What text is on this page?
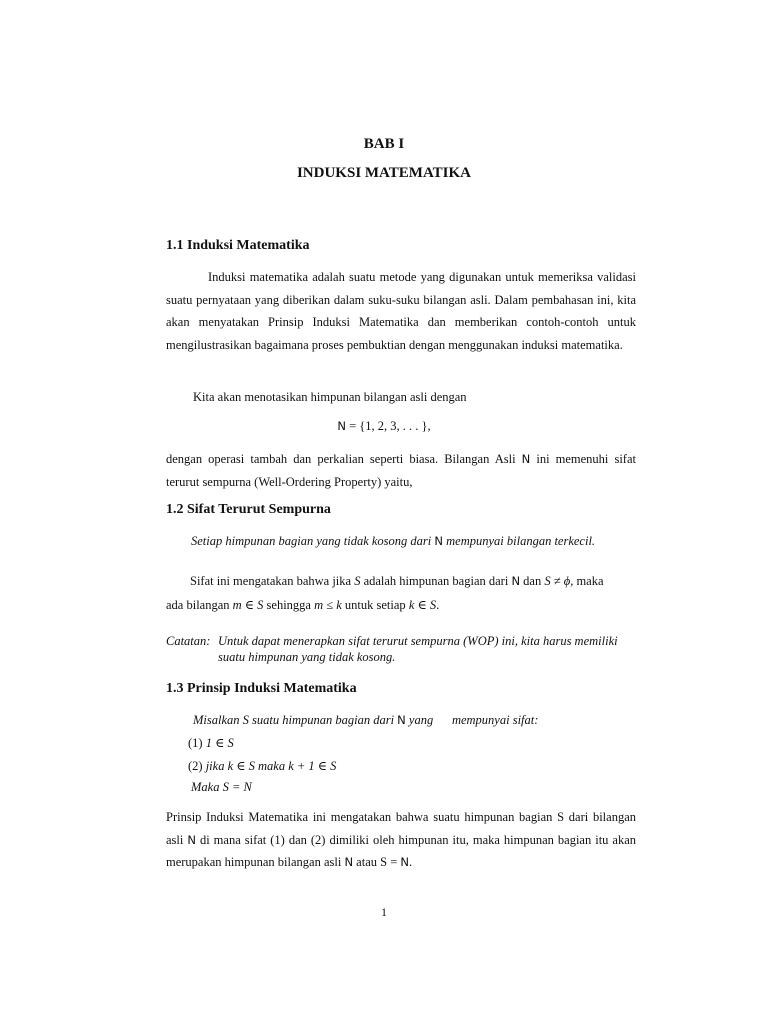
BAB I
INDUKSI MATEMATIKA
1.1 Induksi Matematika

Induksi matematika adalah suatu metode yang digunakan untuk memeriksa validasi suatu pernyataan yang diberikan dalam suku-suku bilangan asli. Dalam pembahasan ini, kita akan menyatakan Prinsip Induksi Matematika dan memberikan contoh-contoh untuk mengilustrasikan bagaimana proses pembuktian dengan menggunakan induksi matematika.

Kita akan menotasikan himpunan bilangan asli dengan
N = {1, 2, 3, . . . },

dengan operasi tambah dan perkalian seperti biasa. Bilangan Asli N ini memenuhi sifat terurut sempurna (Well-Ordering Property) yaitu,

1.2 Sifat Terurut Sempurna
Setiap himpunan bagian yang tidak kosong dari N mempunyai bilangan terkecil.
Sifat ini mengatakan bahwa jika S adalah himpunan bagian dari N dan S ≠ ϕ, maka
ada bilangan m ∈ S sehingga m ≤ k untuk setiap k ∈ S.
Catatan: Untuk dapat menerapkan sifat terurut sempurna (WOP) ini, kita harus memiliki
suatu himpunan yang tidak kosong.
1.3 Prinsip Induksi Matematika
Misalkan S suatu himpunan bagian dari N yang      mempunyai sifat:
(1) 1 ∈ S
(2) jika k ∈ S maka k + 1 ∈ S
Maka S = N

Prinsip Induksi Matematika ini mengatakan bahwa suatu himpunan bagian S dari bilangan asli N di mana sifat (1) dan (2) dimiliki oleh himpunan itu, maka himpunan bagian itu akan merupakan himpunan bilangan asli N atau S = N.

1
